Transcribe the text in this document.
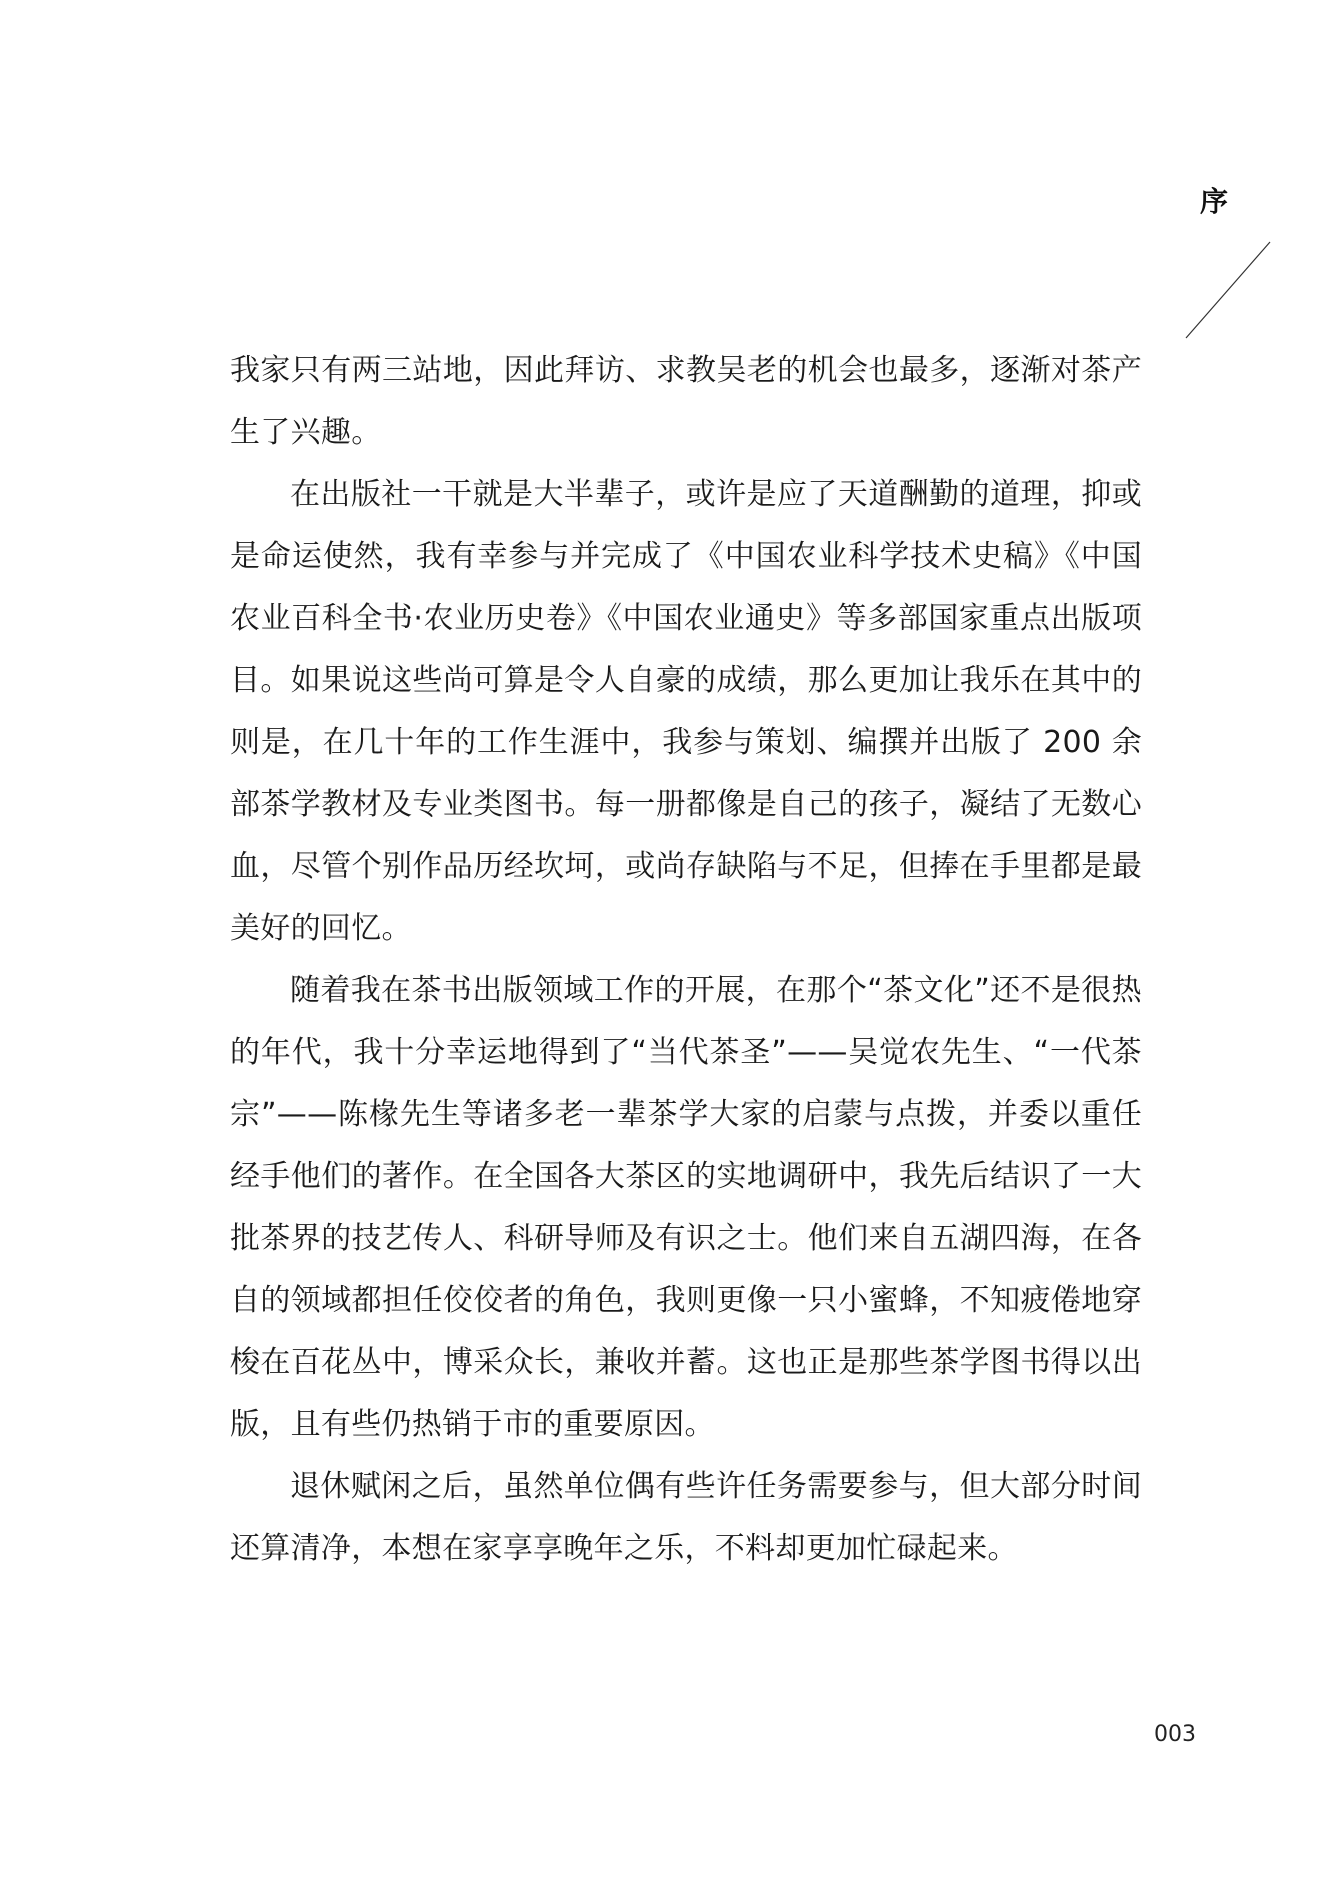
序

我家只有两三站地，因此拜访、求教吴老的机会也最多，逐渐对茶产生了兴趣。

在出版社一干就是大半辈子，或许是应了天道酬勤的道理，抑或是命运使然，我有幸参与并完成了《中国农业科学技术史稿》《中国农业百科全书·农业历史卷》《中国农业通史》等多部国家重点出版项目。如果说这些尚可算是令人自豪的成绩，那么更加让我乐在其中的则是，在几十年的工作生涯中，我参与策划、编撰并出版了 200 余部茶学教材及专业类图书。每一册都像是自己的孩子，凝结了无数心血，尽管个别作品历经坎坷，或尚存缺陷与不足，但捧在手里都是最美好的回忆。

随着我在茶书出版领域工作的开展，在那个“茶文化”还不是很热的年代，我十分幸运地得到了“当代茶圣”——吴觉农先生、“一代茶宗”——陈椽先生等诸多老一辈茶学大家的启蒙与点拨，并委以重任经手他们的著作。在全国各大茶区的实地调研中，我先后结识了一大批茶界的技艺传人、科研导师及有识之士。他们来自五湖四海，在各自的领域都担任佼佼者的角色，我则更像一只小蜜蜂，不知疲倦地穿梭在百花丛中，博采众长，兼收并蓄。这也正是那些茶学图书得以出版，且有些仍热销于市的重要原因。

退休赋闲之后，虽然单位偶有些许任务需要参与，但大部分时间还算清净，本想在家享享晚年之乐，不料却更加忙碌起来。

003
